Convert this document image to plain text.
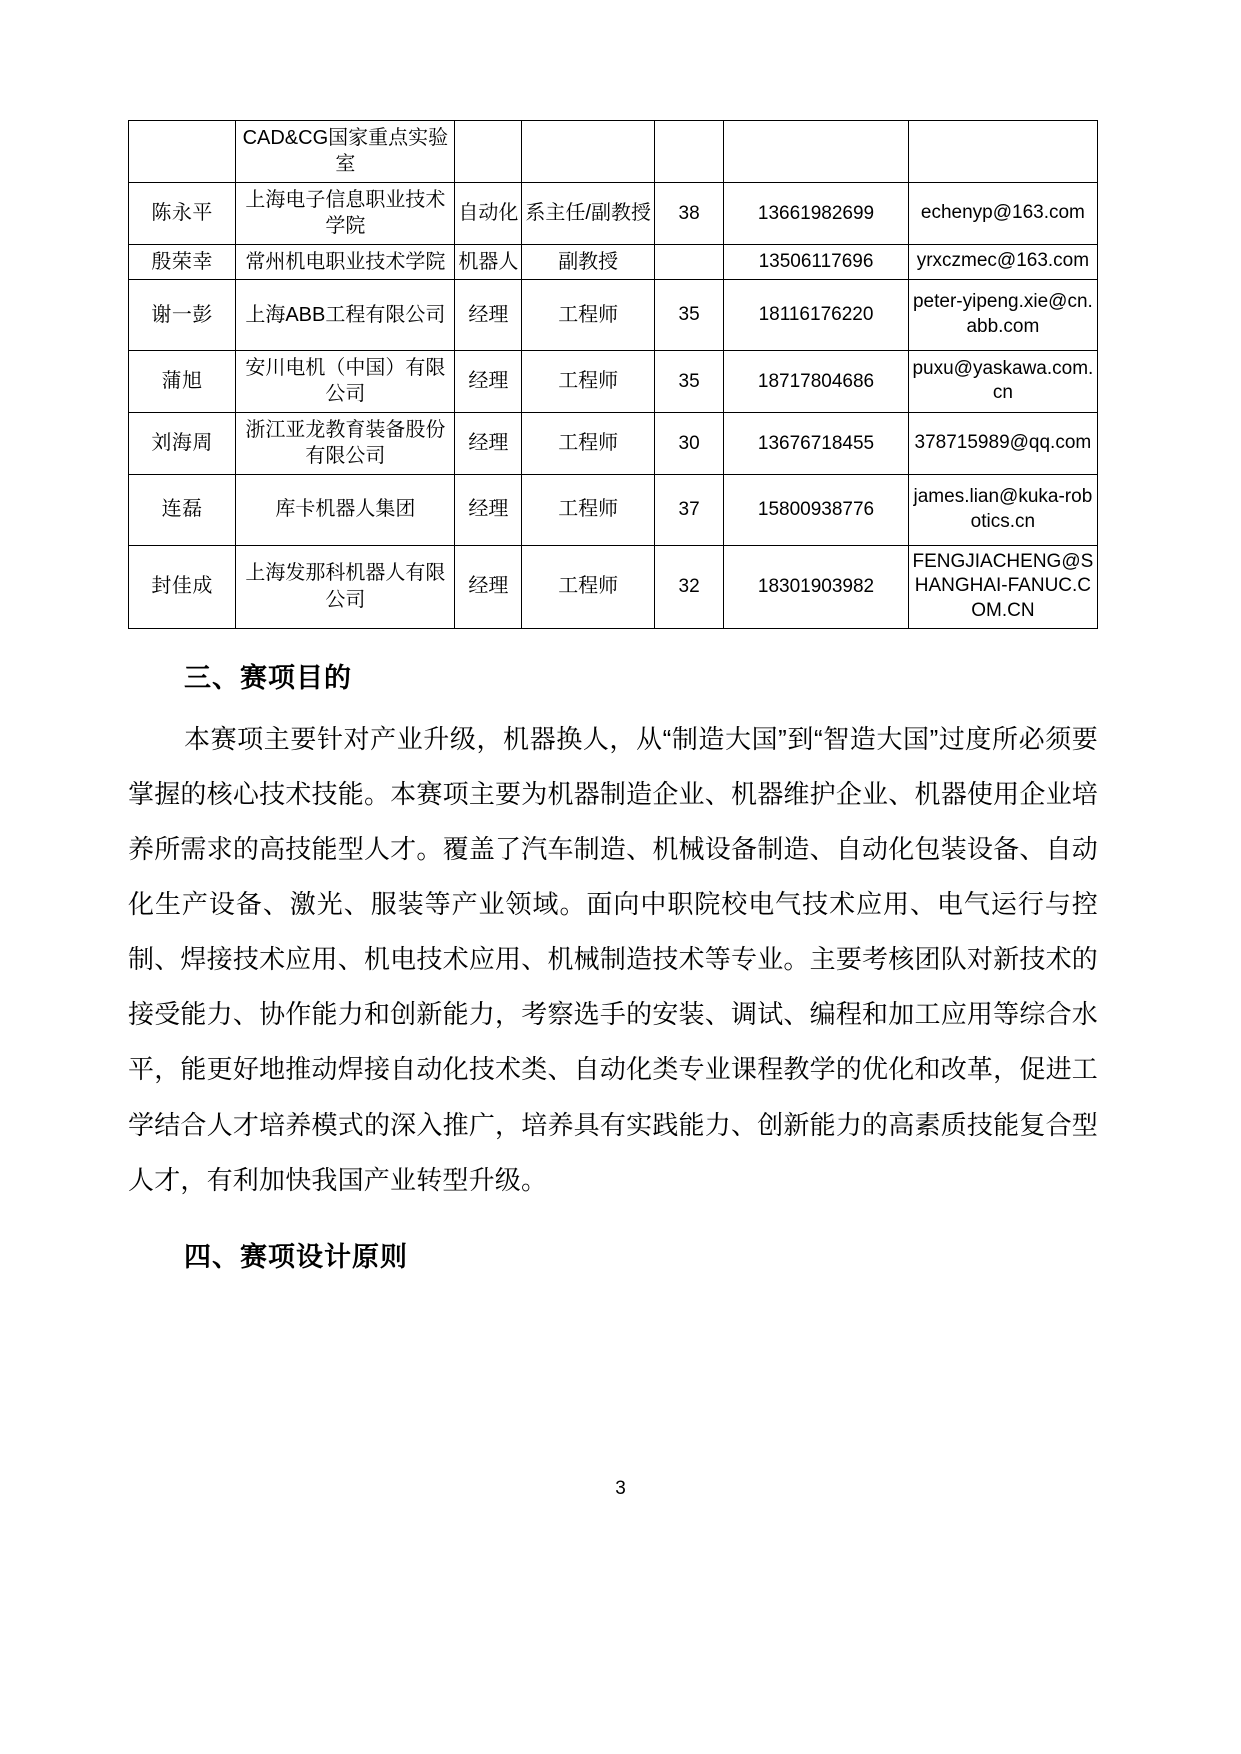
	CAD&CG国家重点实验室					
陈永平	上海电子信息职业技术学院	自动化	系主任/副教授	38	13661982699	echenyp@163.com
殷荣幸	常州机电职业技术学院	机器人	副教授		13506117696	yrxczmec@163.com
谢一彭	上海ABB工程有限公司	经理	工程师	35	18116176220	peter-yipeng.xie@cn.abb.com
蒲旭	安川电机（中国）有限公司	经理	工程师	35	18717804686	puxu@yaskawa.com.cn
刘海周	浙江亚龙教育装备股份有限公司	经理	工程师	30	13676718455	378715989@qq.com
连磊	库卡机器人集团	经理	工程师	37	15800938776	james.lian@kuka-robotics.cn
封佳成	上海发那科机器人有限公司	经理	工程师	32	18301903982	FENGJIACHENG@SHANGHAI-FANUC.COM.CN
三、赛项目的

本赛项主要针对产业升级，机器换人，从“制造大国”到“智造大国”过度所必须要掌握的核心技术技能。本赛项主要为机器制造企业、机器维护企业、机器使用企业培养所需求的高技能型人才。覆盖了汽车制造、机械设备制造、自动化包装设备、自动化生产设备、激光、服装等产业领域。面向中职院校电气技术应用、电气运行与控制、焊接技术应用、机电技术应用、机械制造技术等专业。主要考核团队对新技术的接受能力、协作能力和创新能力，考察选手的安装、调试、编程和加工应用等综合水平，能更好地推动焊接自动化技术类、自动化类专业课程教学的优化和改革，促进工学结合人才培养模式的深入推广，培养具有实践能力、创新能力的高素质技能复合型人才，有利加快我国产业转型升级。

四、赛项设计原则
3
